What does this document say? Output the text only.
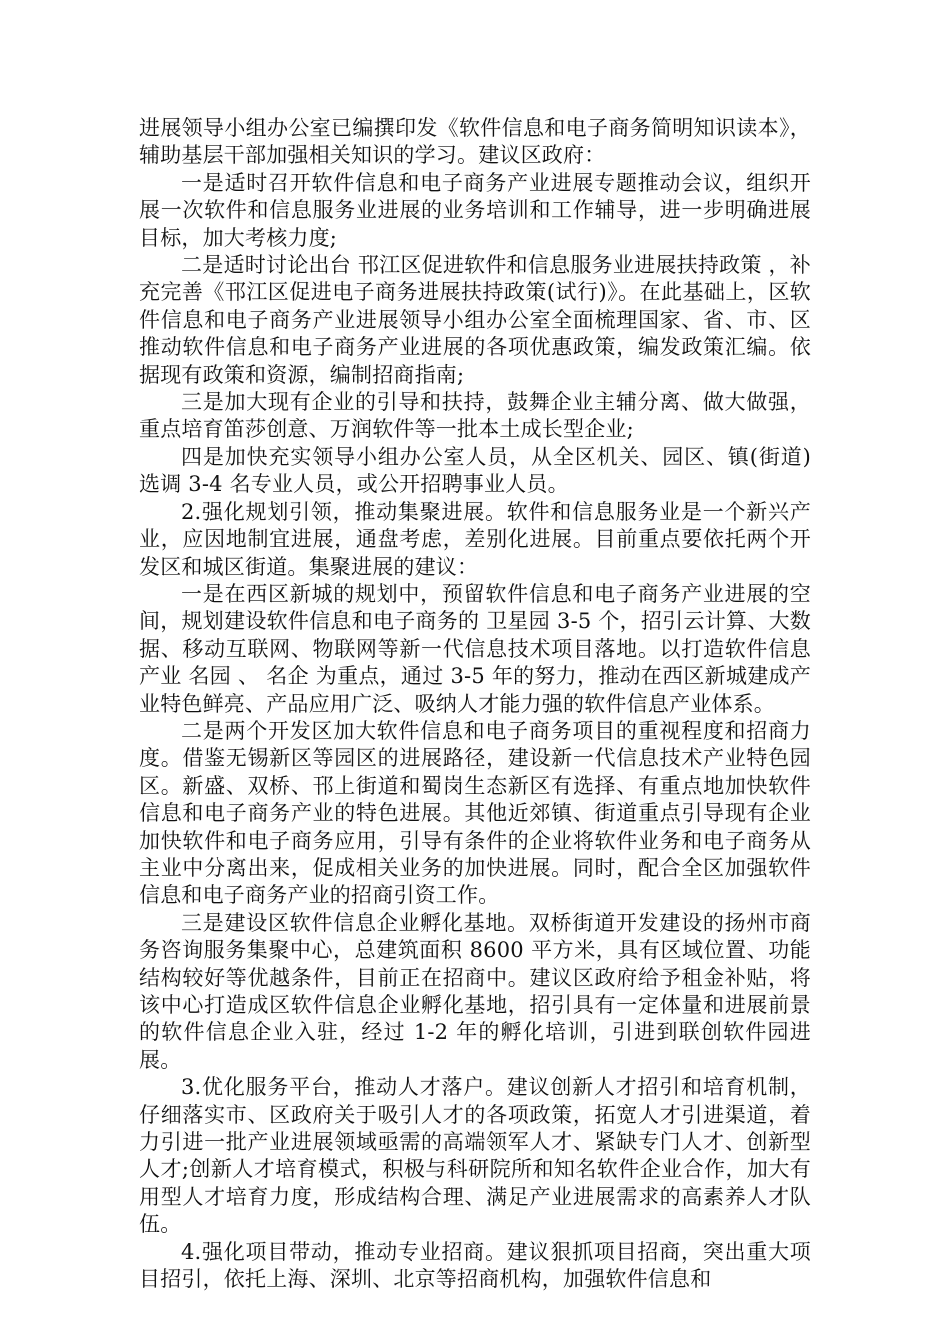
进展领导小组办公室已编撰印发《软件信息和电子商务简明知识读本》，辅助基层干部加强相关知识的学习。建议区政府：

一是适时召开软件信息和电子商务产业进展专题推动会议，组织开展一次软件和信息服务业进展的业务培训和工作辅导，进一步明确进展目标，加大考核力度;

二是适时讨论出台 邗江区促进软件和信息服务业进展扶持政策 ，补充完善《邗江区促进电子商务进展扶持政策(试行)》。在此基础上，区软件信息和电子商务产业进展领导小组办公室全面梳理国家、省、市、区推动软件信息和电子商务产业进展的各项优惠政策，编发政策汇编。依据现有政策和资源，编制招商指南;

三是加大现有企业的引导和扶持，鼓舞企业主辅分离、做大做强，重点培育笛莎创意、万润软件等一批本土成长型企业;

四是加快充实领导小组办公室人员，从全区机关、园区、镇(街道)选调 3-4 名专业人员，或公开招聘事业人员。

2.强化规划引领，推动集聚进展。软件和信息服务业是一个新兴产业，应因地制宜进展，通盘考虑，差别化进展。目前重点要依托两个开发区和城区街道。集聚进展的建议：

一是在西区新城的规划中，预留软件信息和电子商务产业进展的空间，规划建设软件信息和电子商务的 卫星园 3-5 个，招引云计算、大数据、移动互联网、物联网等新一代信息技术项目落地。以打造软件信息产业 名园 、 名企 为重点，通过 3-5 年的努力，推动在西区新城建成产业特色鲜亮、产品应用广泛、吸纳人才能力强的软件信息产业体系。

二是两个开发区加大软件信息和电子商务项目的重视程度和招商力度。借鉴无锡新区等园区的进展路径，建设新一代信息技术产业特色园区。新盛、双桥、邗上街道和蜀岗生态新区有选择、有重点地加快软件信息和电子商务产业的特色进展。其他近郊镇、街道重点引导现有企业加快软件和电子商务应用，引导有条件的企业将软件业务和电子商务从主业中分离出来，促成相关业务的加快进展。同时，配合全区加强软件信息和电子商务产业的招商引资工作。

三是建设区软件信息企业孵化基地。双桥街道开发建设的扬州市商务咨询服务集聚中心，总建筑面积 8600 平方米，具有区域位置、功能结构较好等优越条件，目前正在招商中。建议区政府给予租金补贴，将该中心打造成区软件信息企业孵化基地，招引具有一定体量和进展前景的软件信息企业入驻，经过 1-2 年的孵化培训，引进到联创软件园进展。

3.优化服务平台，推动人才落户。建议创新人才招引和培育机制，仔细落实市、区政府关于吸引人才的各项政策，拓宽人才引进渠道，着力引进一批产业进展领域亟需的高端领军人才、紧缺专门人才、创新型人才;创新人才培育模式，积极与科研院所和知名软件企业合作，加大有用型人才培育力度，形成结构合理、满足产业进展需求的高素养人才队伍。

4.强化项目带动，推动专业招商。建议狠抓项目招商，突出重大项目招引，依托上海、深圳、北京等招商机构，加强软件信息和
